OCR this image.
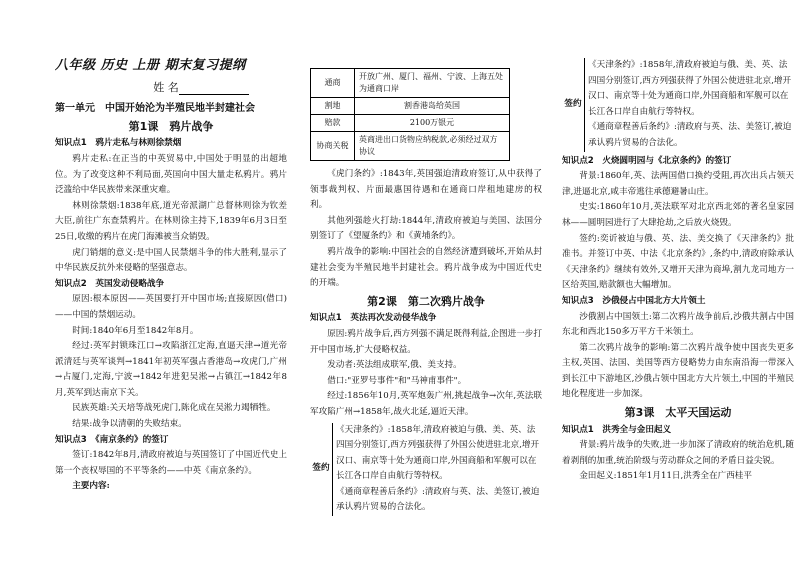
八年级 历史 上册 期末复习提纲
姓 名
第一单元　中国开始沦为半殖民地半封建社会
第1课　鸦片战争
知识点1　鸦片走私与林则徐禁烟

鸦片走私:在正当的中英贸易中,中国处于明显的出超地位。为了改变这种不利局面,英国向中国大量走私鸦片。鸦片泛滥给中华民族带来深重灾难。

林则徐禁烟:1838年底,道光帝派湖广总督林则徐为钦差大臣,前往广东查禁鸦片。在林则徐主持下,1839年6月3日至25日,收缴的鸦片在虎门海滩被当众销毁。

虎门销烟的意义:是中国人民禁烟斗争的伟大胜利,显示了中华民族反抗外来侵略的坚强意志。

知识点2　英国发动侵略战争

原因:根本原因——英国要打开中国市场;直接原因(借口)——中国的禁烟运动。

时间:1840年6月至1842年8月。

经过:英军封锁珠江口→攻陷浙江定海,直逼天津→道光帝派清廷与英军谈判→1841年初英军强占香港岛→攻虎门,广州→占厦门,定海,宁波→1842年进犯吴淞→占镇江→1842年8月,英军到达南京下关。

民族英雄:关天培等战死虎门,陈化成在吴淞力竭牺牲。

结果:战争以清朝的失败结束。

知识点3　《南京条约》的签订

签订:1842年8月,清政府被迫与英国签订了中国近代史上第一个丧权辱国的不平等条约——中英《南京条约》。

主要内容:

通商	开放广州、厦门、福州、宁波、上海五处为通商口岸
割地	割香港岛给英国
赔款	2100万银元
协商关税	英商进出口货物应纳税款,必须经过双方协议

《虎门条约》:1843年,英国强迫清政府签订,从中获得了领事裁判权、片面最惠国待遇和在通商口岸租地建房的权利。

其他列强趁火打劫:1844年,清政府被迫与美国、法国分别签订了《望厦条约》和《黄埔条约》。

鸦片战争的影响:中国社会的自然经济遭到破坏,开始从封建社会变为半殖民地半封建社会。鸦片战争成为中国近代史的开端。

第2课　第二次鸦片战争
知识点1　英法再次发动侵华战争

原因:鸦片战争后,西方列强不满足既得利益,企图进一步打开中国市场,扩大侵略权益。

发动者:英法组成联军,俄、美支持。

借口:"亚罗号事件"和"马神甫事件"。

经过:1856年10月,英军炮轰广州,挑起战争→次年,英法联军攻陷广州→1858年,战火北延,逼近天津。

签约

《天津条约》:1858年,清政府被迫与俄、美、英、法四国分别签订,西方列强获得了外国公使进驻北京,增开汉口、南京等十处为通商口岸,外国商船和军舰可以在长江各口岸自由航行等特权。

《通商章程善后条约》:清政府与英、法、美签订,被迫承认鸦片贸易的合法化。

签约

《天津条约》:1858年,清政府被迫与俄、美、英、法四国分别签订,西方列强获得了外国公使进驻北京,增开汉口、南京等十处为通商口岸,外国商船和军舰可以在长江各口岸自由航行等特权。

《通商章程善后条约》:清政府与英、法、美签订,被迫承认鸦片贸易的合法化。

知识点2　火烧圆明园与《北京条约》的签订

背景:1860年,英、法两国借口换约受阻,再次出兵占领天津,进逼北京,咸丰帝逃往承德避暑山庄。

史实:1860年10月,英法联军对北京西北郊的著名皇家园林——圆明园进行了大肆抢劫,之后放火烧毁。

签约:奕䜣被迫与俄、英、法、美交换了《天津条约》批准书。并签订中英、中法《北京条约》,条约中,清政府除承认《天津条约》继续有效外,又增开天津为商埠,割九龙司地方一区给英国,赔款额也大幅增加。

知识点3　沙俄侵占中国北方大片领土

沙俄割占中国领土:第二次鸦片战争前后,沙俄共割占中国东北和西北150多万平方千米领土。

第二次鸦片战争的影响:第二次鸦片战争使中国丧失更多主权,英国、法国、美国等西方侵略势力由东南沿海一带深入到长江中下游地区,沙俄占领中国北方大片领土,中国的半殖民地化程度进一步加深。

第3课　太平天国运动
知识点1　洪秀全与金田起义

背景:鸦片战争的失败,进一步加深了清政府的统治危机,随着剥削的加重,统治阶级与劳动群众之间的矛盾日益尖锐。

金田起义:1851年1月11日,洪秀全在广西桂平
